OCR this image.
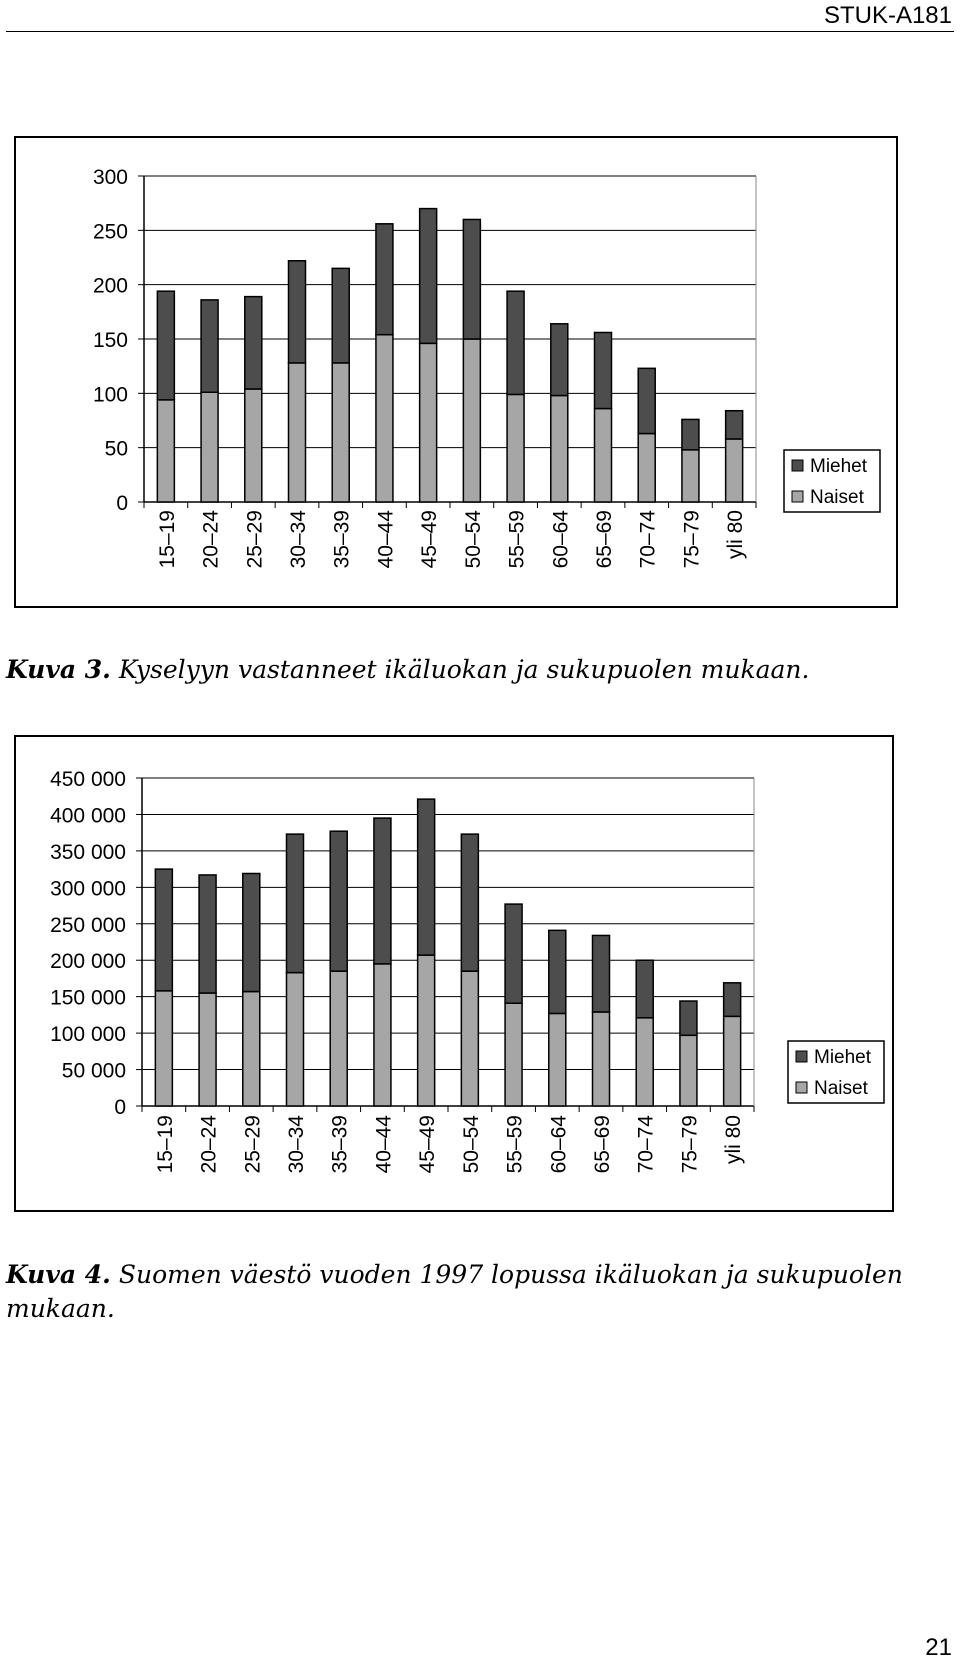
STUK-A181
0
50
100
150
200
250
300
15–19 20–24 25–29 30–34 35–39 40–44 45–49 50–54 55–59 60–64 65–69 70–74 75–79 yli 80
Miehet
Naiset
Kuva 3. Kyselyyn vastanneet ikäluokan ja sukupuolen mukaan.
0
50 000
100 000
150 000
200 000
250 000
300 000
350 000
400 000
450 000
15–19 20–24 25–29 30–34 35–39 40–44 45–49 50–54 55–59 60–64 65–69 70–74 75–79 yli 80
Miehet
Naiset
Kuva 4. Suomen väestö vuoden 1997 lopussa ikäluokan ja sukupuolen mukaan.
21
